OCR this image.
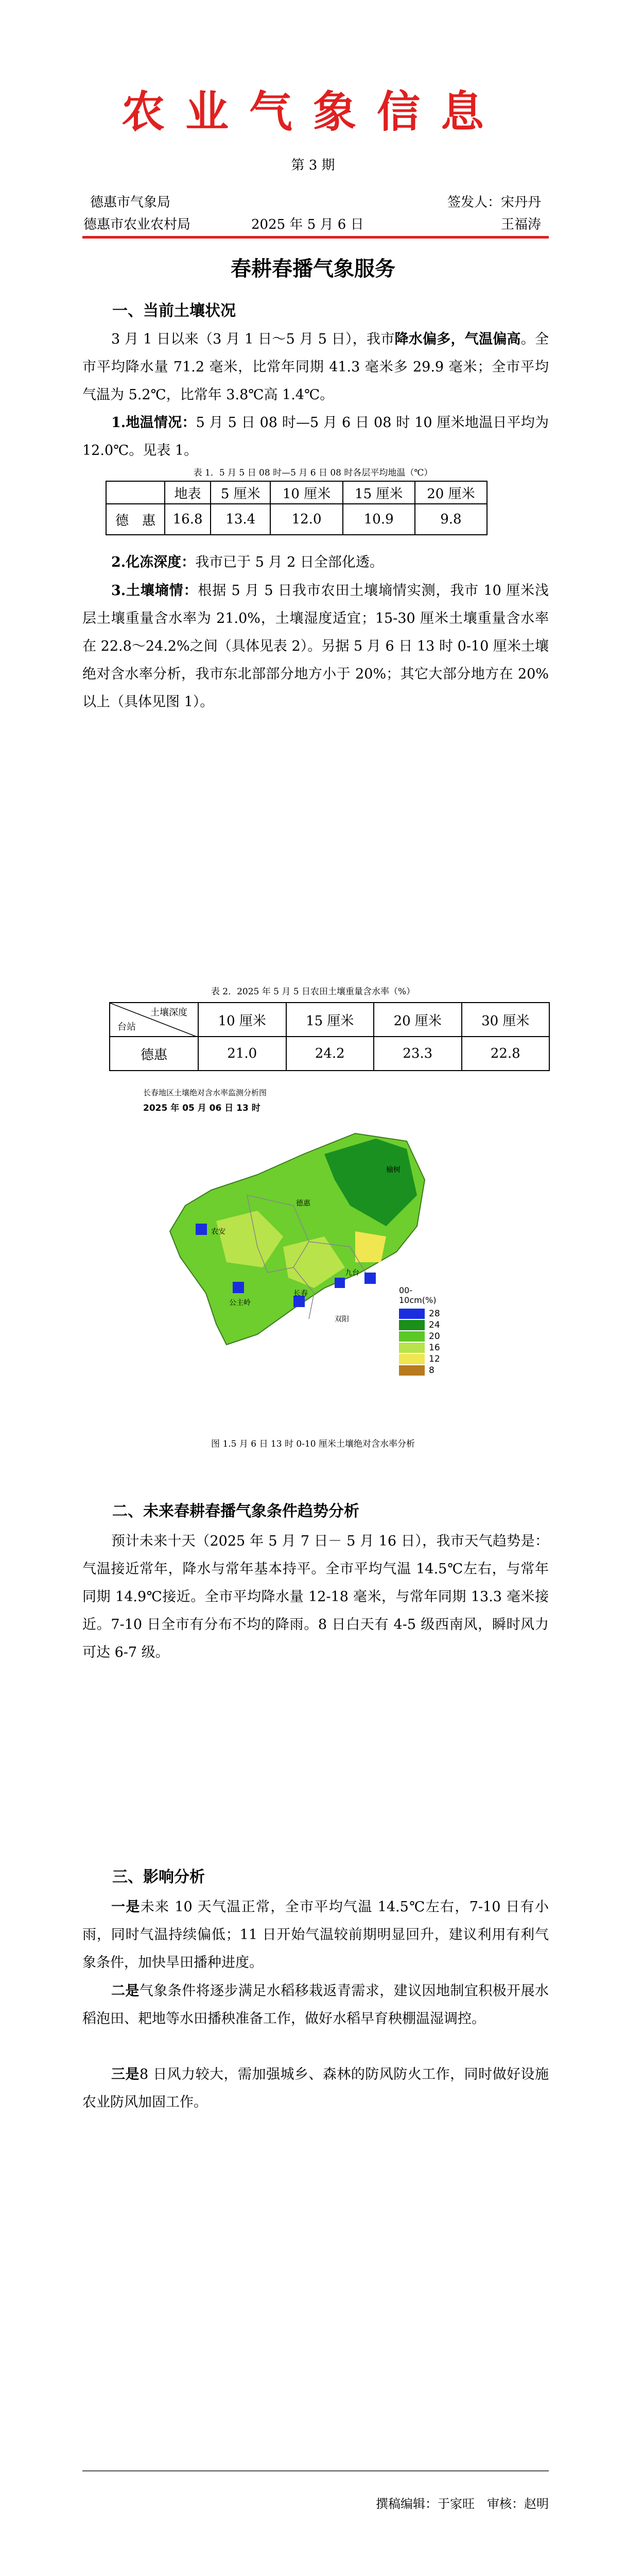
农业气象信息
第 3 期
德惠市气象局	签发人：宋丹丹
德惠市农业农村局	2025 年 5 月 6 日	王福涛
春耕春播气象服务
一、当前土壤状况
3 月 1 日以来（3 月 1 日～5 月 5 日），我市降水偏多，气温偏高。全市平均降水量 71.2 毫米，比常年同期 41.3 毫米多 29.9 毫米；全市平均气温为 5.2℃，比常年 3.8℃高 1.4℃。
1.地温情况：5 月 5 日 08 时—5 月 6 日 08 时 10 厘米地温日平均为 12.0℃。见表 1。
表 1．5 月 5 日 08 时—5 月 6 日 08 时各层平均地温（℃）
	地表	5 厘米	10 厘米	15 厘米	20 厘米
德　惠	16.8	13.4	12.0	10.9	9.8
2.化冻深度：我市已于 5 月 2 日全部化透。
3.土壤墒情：根据 5 月 5 日我市农田土壤墒情实测，我市 10 厘米浅层土壤重量含水率为 21.0%，土壤湿度适宜；15-30 厘米土壤重量含水率在 22.8～24.2%之间（具体见表 2）。另据 5 月 6 日 13 时 0-10 厘米土壤绝对含水率分析，我市东北部部分地方小于 20%；其它大部分地方在 20%以上（具体见图 1）。
表 2．2025 年 5 月 5 日农田土壤重量含水率（%）
土壤深度
台站	10 厘米	15 厘米	20 厘米	30 厘米
德惠	21.0	24.2	23.3	22.8
长春地区土壤绝对含水率监测分析图
2025 年 05 月 06 日 13 时
农安
德惠
榆树
九台
长春
双阳
公主岭
00-10cm(%)
28
24
20
16
12
8
图 1.5 月 6 日 13 时 0-10 厘米土壤绝对含水率分析
二、未来春耕春播气象条件趋势分析
预计未来十天（2025 年 5 月 7 日－ 5 月 16 日），我市天气趋势是：气温接近常年，降水与常年基本持平。全市平均气温 14.5℃左右，与常年同期 14.9℃接近。全市平均降水量 12-18 毫米，与常年同期 13.3 毫米接近。7-10 日全市有分布不均的降雨。8 日白天有 4-5 级西南风，瞬时风力可达 6-7 级。
三、影响分析
一是未来 10 天气温正常，全市平均气温 14.5℃左右，7-10 日有小雨，同时气温持续偏低；11 日开始气温较前期明显回升，建议利用有利气象条件，加快旱田播种进度。
二是气象条件将逐步满足水稻移栽返青需求，建议因地制宜积极开展水稻泡田、耙地等水田播秧准备工作，做好水稻早育秧棚温湿调控。
三是8 日风力较大，需加强城乡、森林的防风防火工作，同时做好设施农业防风加固工作。
撰稿编辑：于家旺　审核：赵明
